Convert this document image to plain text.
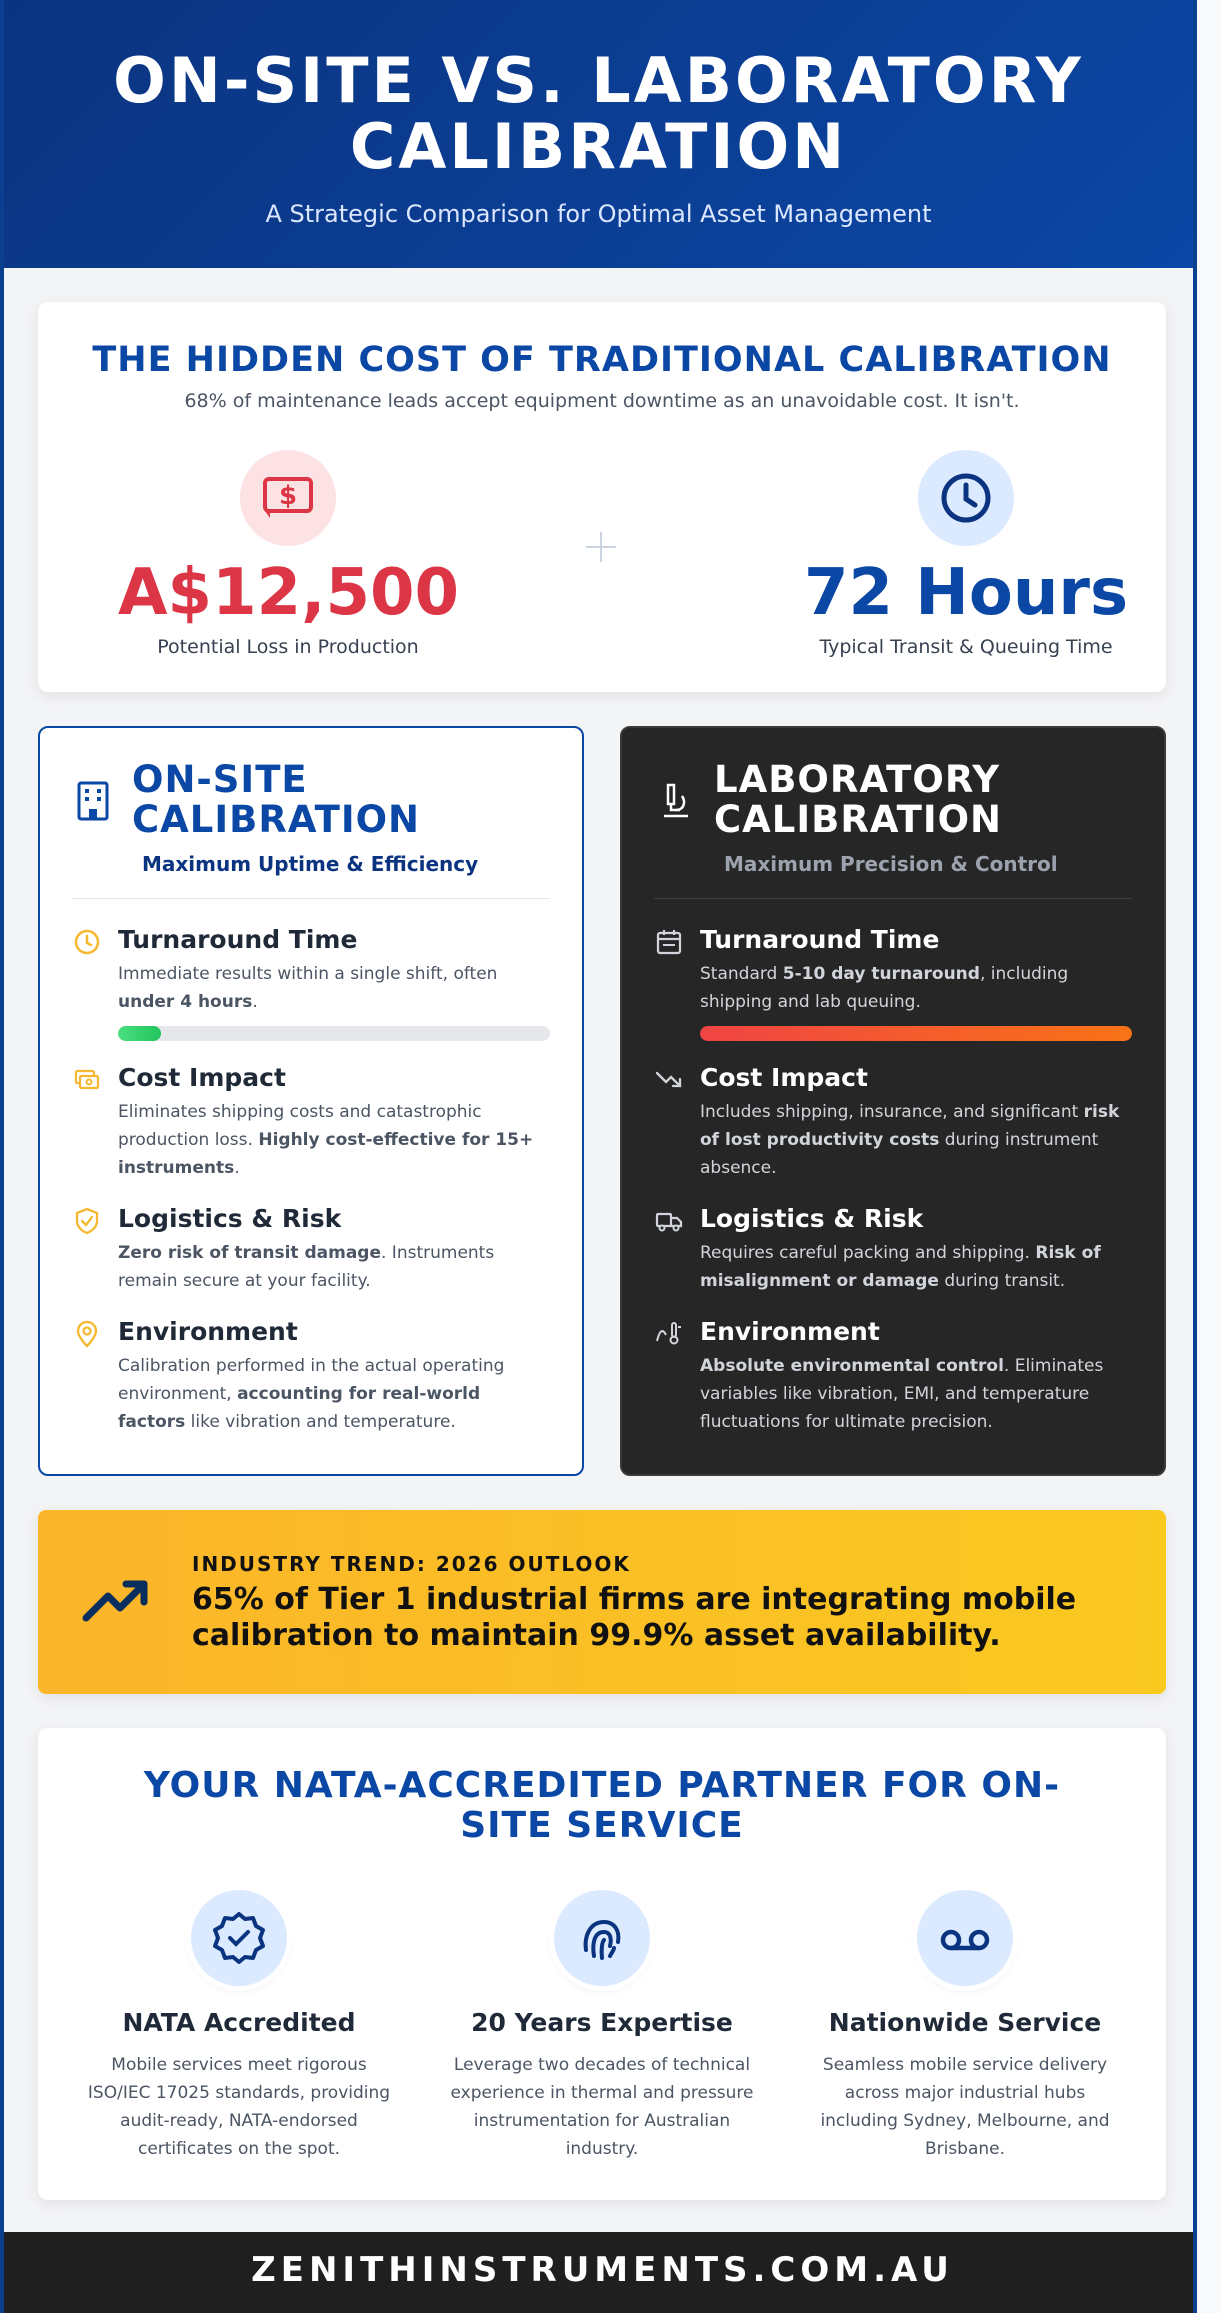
ON-SITE VS. LABORATORY CALIBRATION

A Strategic Comparison for Optimal Asset Management

THE HIDDEN COST OF TRADITIONAL CALIBRATION
68% of maintenance leads accept equipment downtime as an unavoidable cost. It isn't.
$
A$12,500
Potential Loss in Production
72 Hours
Typical Transit & Queuing Time
ON-SITE CALIBRATION
Maximum Uptime & Efficiency
Turnaround Time
Immediate results within a single shift, often under 4 hours.
Cost Impact
Eliminates shipping costs and catastrophic production loss. Highly cost-effective for 15+ instruments.
Logistics & Risk
Zero risk of transit damage. Instruments remain secure at your facility.
Environment
Calibration performed in the actual operating environment, accounting for real-world factors like vibration and temperature.
LABORATORY CALIBRATION
Maximum Precision & Control
Turnaround Time
Standard 5-10 day turnaround, including shipping and lab queuing.
Cost Impact
Includes shipping, insurance, and significant risk of lost productivity costs during instrument absence.
Logistics & Risk
Requires careful packing and shipping. Risk of misalignment or damage during transit.
Environment
Absolute environmental control. Eliminates variables like vibration, EMI, and temperature fluctuations for ultimate precision.
INDUSTRY TREND: 2026 OUTLOOK
65% of Tier 1 industrial firms are integrating mobile calibration to maintain 99.9% asset availability.
YOUR NATA-ACCREDITED PARTNER FOR ON-SITE SERVICE
NATA Accredited
Mobile services meet rigorous ISO/IEC 17025 standards, providing audit-ready, NATA-endorsed certificates on the spot.
20 Years Expertise
Leverage two decades of technical experience in thermal and pressure instrumentation for Australian industry.
Nationwide Service
Seamless mobile service delivery across major industrial hubs including Sydney, Melbourne, and Brisbane.
ZENITHINSTRUMENTS.COM.AU
